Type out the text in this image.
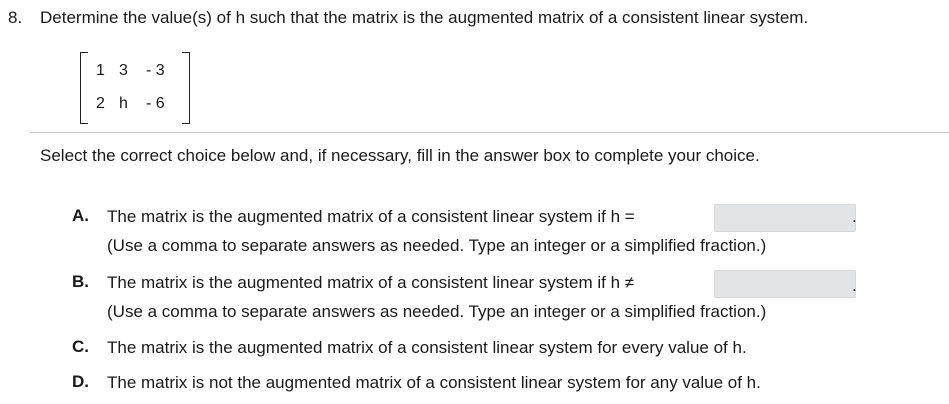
8. Determine the value(s) of h such that the matrix is the augmented matrix of a consistent linear system.
1 3 - 3
2 h - 6
Select the correct choice below and, if necessary, fill in the answer box to complete your choice.
A. The matrix is the augmented matrix of a consistent linear system if h =	.
(Use a comma to separate answers as needed. Type an integer or a simplified fraction.)
B. The matrix is the augmented matrix of a consistent linear system if h ≠	.
(Use a comma to separate answers as needed. Type an integer or a simplified fraction.)
C. The matrix is the augmented matrix of a consistent linear system for every value of h.
D. The matrix is not the augmented matrix of a consistent linear system for any value of h.
